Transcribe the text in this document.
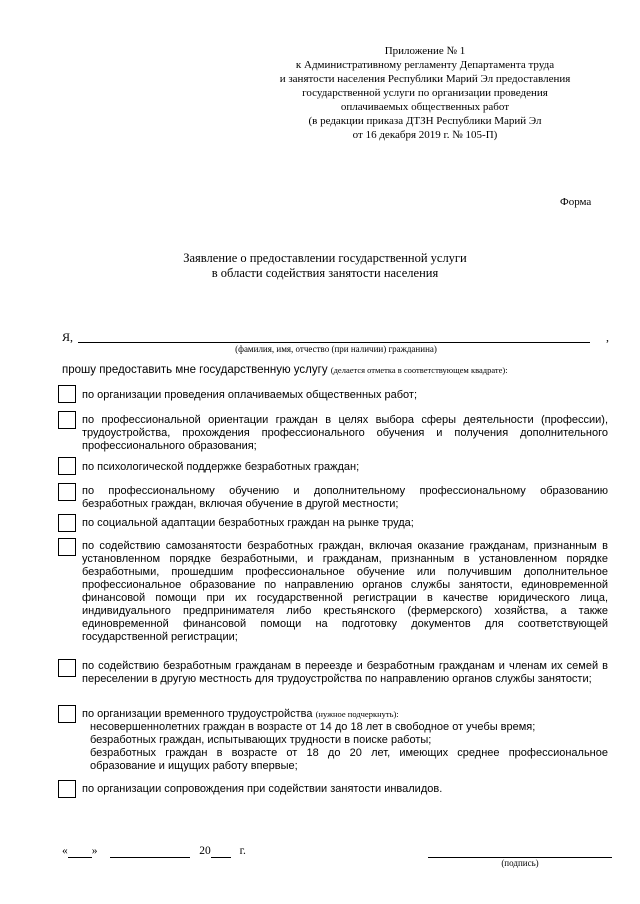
Приложение № 1
к Административному регламенту Департамента труда
и занятости населения Республики Марий Эл предоставления
государственной услуги по организации проведения
оплачиваемых общественных работ
(в редакции приказа ДТЗН Республики Марий Эл
от 16 декабря 2019 г. № 105-П)
Форма
Заявление о предоставлении государственной услуги
в области содействия занятости населения
Я,	,
(фамилия, имя, отчество (при наличии) гражданина)
прошу предоставить мне государственную услугу (делается отметка в соответствующем квадрате):
по организации проведения оплачиваемых общественных работ;
по профессиональной ориентации граждан в целях выбора сферы деятельности (профессии), трудоустройства, прохождения профессионального обучения и получения дополнительного профессионального образования;
по психологической поддержке безработных граждан;
по профессиональному обучению и дополнительному профессиональному образованию безработных граждан, включая обучение в другой местности;
по социальной адаптации безработных граждан на рынке труда;
по содействию самозанятости безработных граждан, включая оказание гражданам, признанным в установленном порядке безработными, и гражданам, признанным в установленном порядке безработными, прошедшим профессиональное обучение или получившим дополнительное профессиональное образование по направлению органов службы занятости, единовременной финансовой помощи при их государственной регистрации в качестве юридического лица, индивидуального предпринимателя либо крестьянского (фермерского) хозяйства, а также единовременной финансовой помощи на подготовку документов для соответствующей государственной регистрации;
по содействию безработным гражданам в переезде и безработным гражданам и членам их семей в переселении в другую местность для трудоустройства по направлению органов службы занятости;
по организации временного трудоустройства (нужное подчеркнуть):
несовершеннолетних граждан в возрасте от 14 до 18 лет в свободное от учебы время;
безработных граждан, испытывающих трудности в поиске работы;
безработных граждан в возрасте от 18 до 20 лет, имеющих среднее профессиональное образование и ищущих работу впервые;
по организации сопровождения при содействии занятости инвалидов.
« »	20	г.
(подпись)
